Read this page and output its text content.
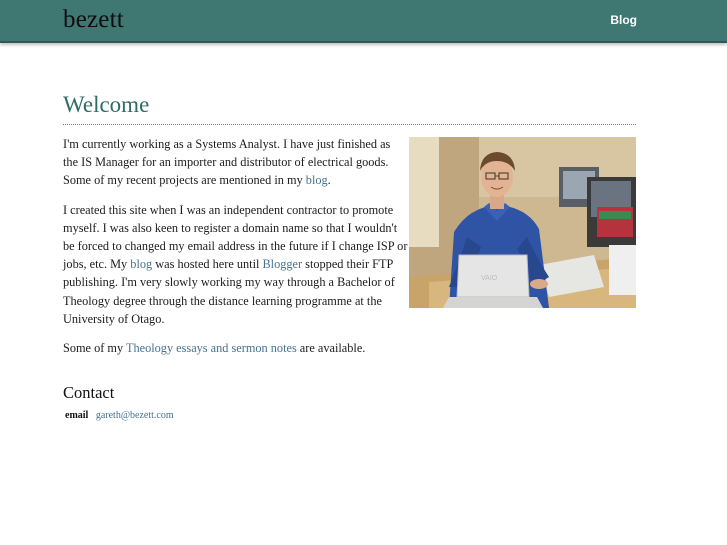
bezett	Blog
Welcome
VAIO

I'm currently working as a Systems Analyst. I have just finished as the IS Manager for an importer and distributor of electrical goods. Some of my recent projects are mentioned in my blog.

I created this site when I was an independent contractor to promote myself. I was also keen to register a domain name so that I wouldn't be forced to changed my email address in the future if I change ISP or jobs, etc. My blog was hosted here until Blogger stopped their FTP publishing. I'm very slowly working my way through a Bachelor of Theology degree through the distance learning programme at the University of Otago.

Some of my Theology essays and sermon notes are available.

Contact
email gareth@bezett.com
